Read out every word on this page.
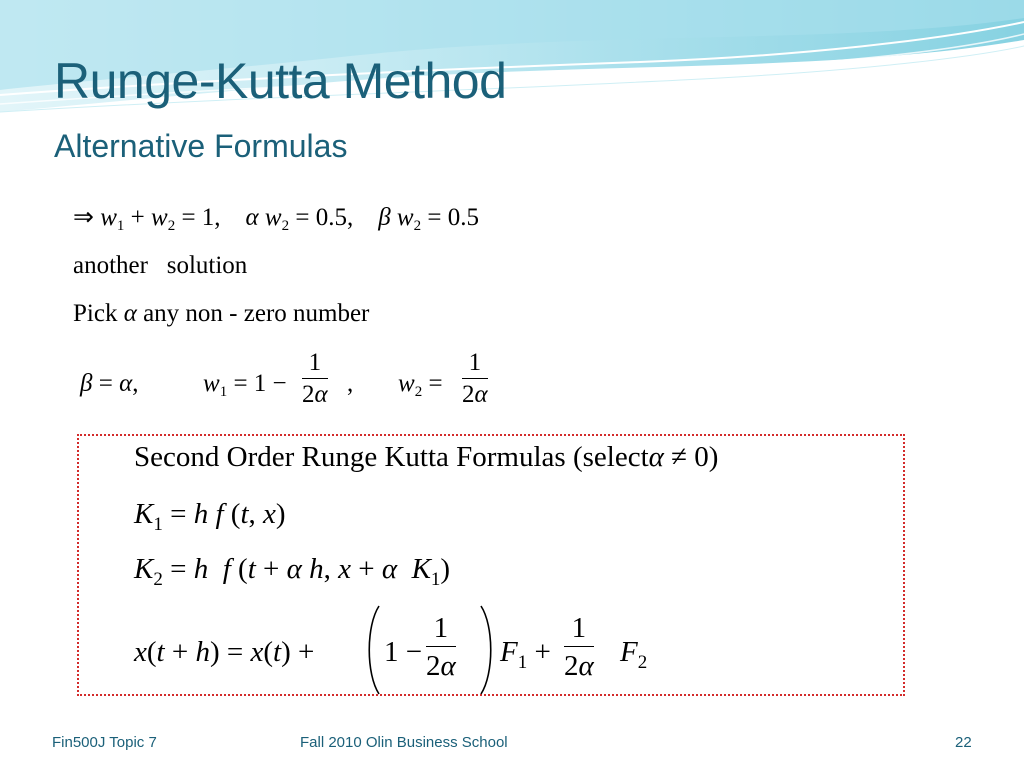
Runge-Kutta Method
Alternative Formulas
⇒ $w_1 + w_2 = 1$, α $w_2 = 0.5$, β $w_2 = 0.5$
another   solution
Pick α any non - zero number
β = α,	$w_1 = 1 - \frac{1}{2\alpha}$ , $w_2 = \frac{1}{2\alpha}$
Second Order Runge Kutta Formulas (selectα ≠ 0)
$K_1 = h$ f (t, x)
$K_2 = h$ f (t + α h, x + α $K_1$)
$x(t + h) = x(t) + 1 - \frac{1}{2\alpha} F_1 + \frac{1}{2\alpha} F_2$
Fin500J Topic 7	Fall 2010 Olin Business School	22
